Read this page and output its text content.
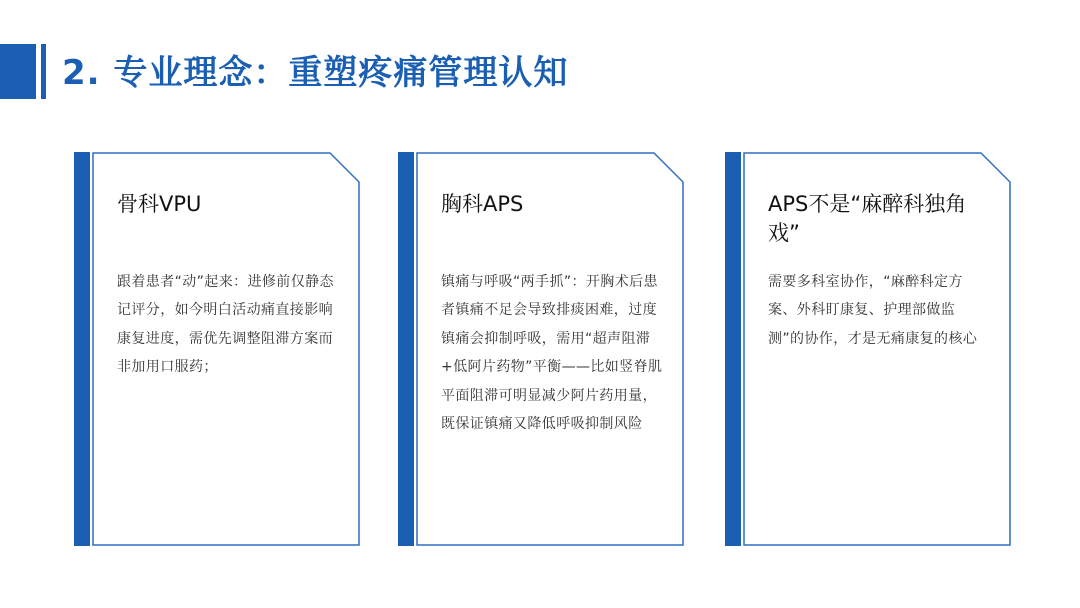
2. 专业理念：重塑疼痛管理认知
骨科VPU
跟着患者“动”起来：进修前仅静态记评分，如今明白活动痛直接影响康复进度，需优先调整阻滞方案而非加用口服药；
胸科APS
镇痛与呼吸“两手抓”：开胸术后患者镇痛不足会导致排痰困难，过度镇痛会抑制呼吸，需用“超声阻滞+低阿片药物”平衡——比如竖脊肌平面阻滞可明显减少阿片药用量，既保证镇痛又降低呼吸抑制风险
APS不是“麻醉科独角戏”
需要多科室协作，“麻醉科定方案、外科盯康复、护理部做监测”的协作，才是无痛康复的核心
